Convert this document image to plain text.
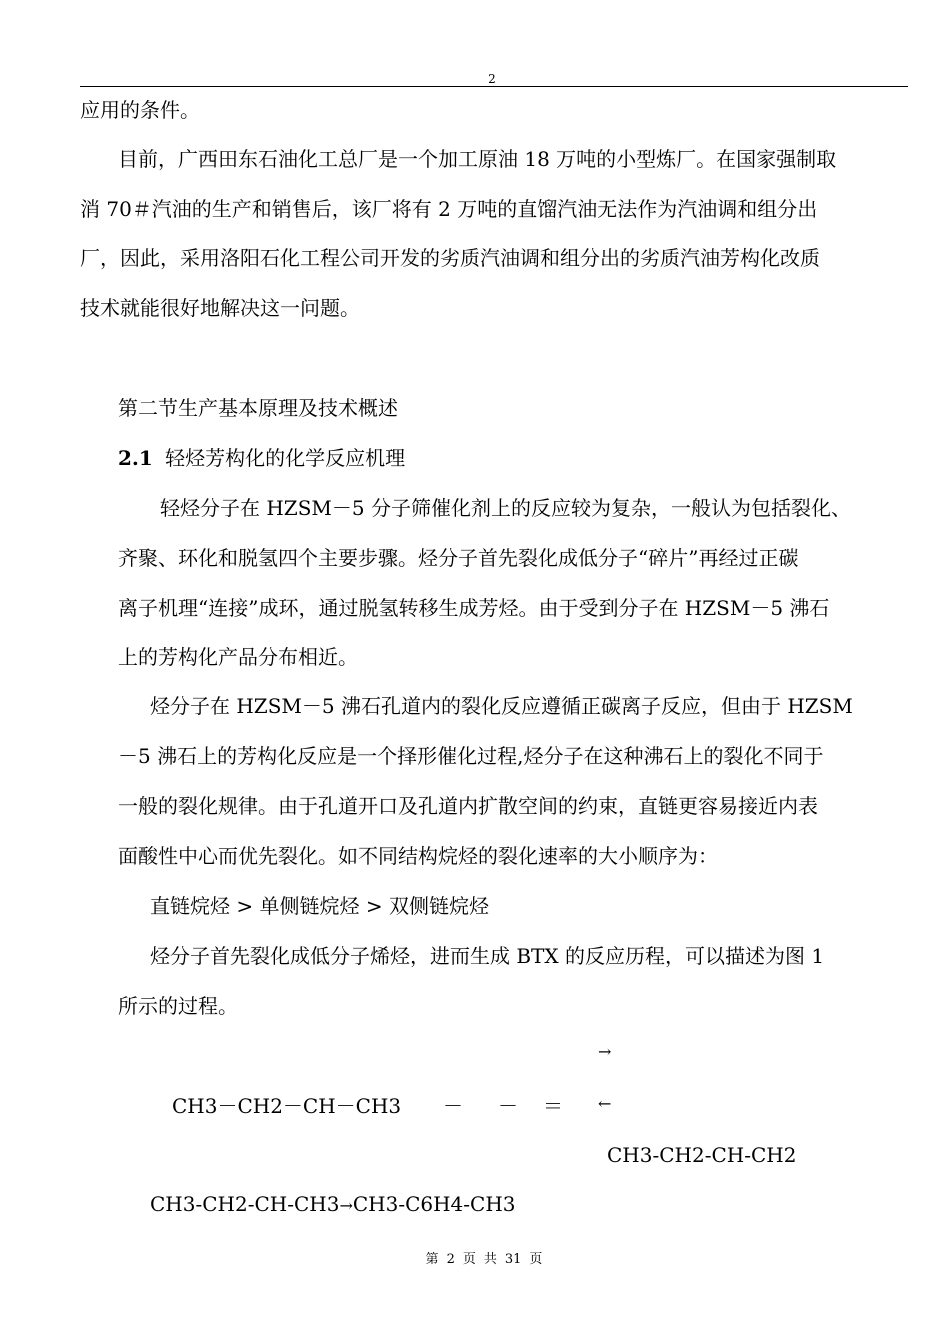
2
应用的条件。
目前，广西田东石油化工总厂是一个加工原油 18 万吨的小型炼厂。在国家强制取
消 70＃汽油的生产和销售后，该厂将有 2 万吨的直馏汽油无法作为汽油调和组分出
厂，因此，采用洛阳石化工程公司开发的劣质汽油调和组分出的劣质汽油芳构化改质
技术就能很好地解决这一问题。
第二节生产基本原理及技术概述
2.1 轻烃芳构化的化学反应机理
轻烃分子在 HZSM－5 分子筛催化剂上的反应较为复杂，一般认为包括裂化、
齐聚、环化和脱氢四个主要步骤。烃分子首先裂化成低分子“碎片”再经过正碳
离子机理“连接”成环，通过脱氢转移生成芳烃。由于受到分子在 HZSM－5 沸石
上的芳构化产品分布相近。
烃分子在 HZSM－5 沸石孔道内的裂化反应遵循正碳离子反应，但由于 HZSM
－5 沸石上的芳构化反应是一个择形催化过程,烃分子在这种沸石上的裂化不同于
一般的裂化规律。由于孔道开口及孔道内扩散空间的约束，直链更容易接近内表
面酸性中心而优先裂化。如不同结构烷烃的裂化速率的大小顺序为：
直链烷烃 > 单侧链烷烃 > 双侧链烷烃
烃分子首先裂化成低分子烯烃，进而生成 BTX 的反应历程，可以描述为图 1
所示的过程。
→
CH3－CH2－CH－CH3 － － ＝ ←
CH3-CH2-CH-CH2
CH3-CH2-CH-CH3→CH3-C6H4-CH3
第 2 页 共 31 页
